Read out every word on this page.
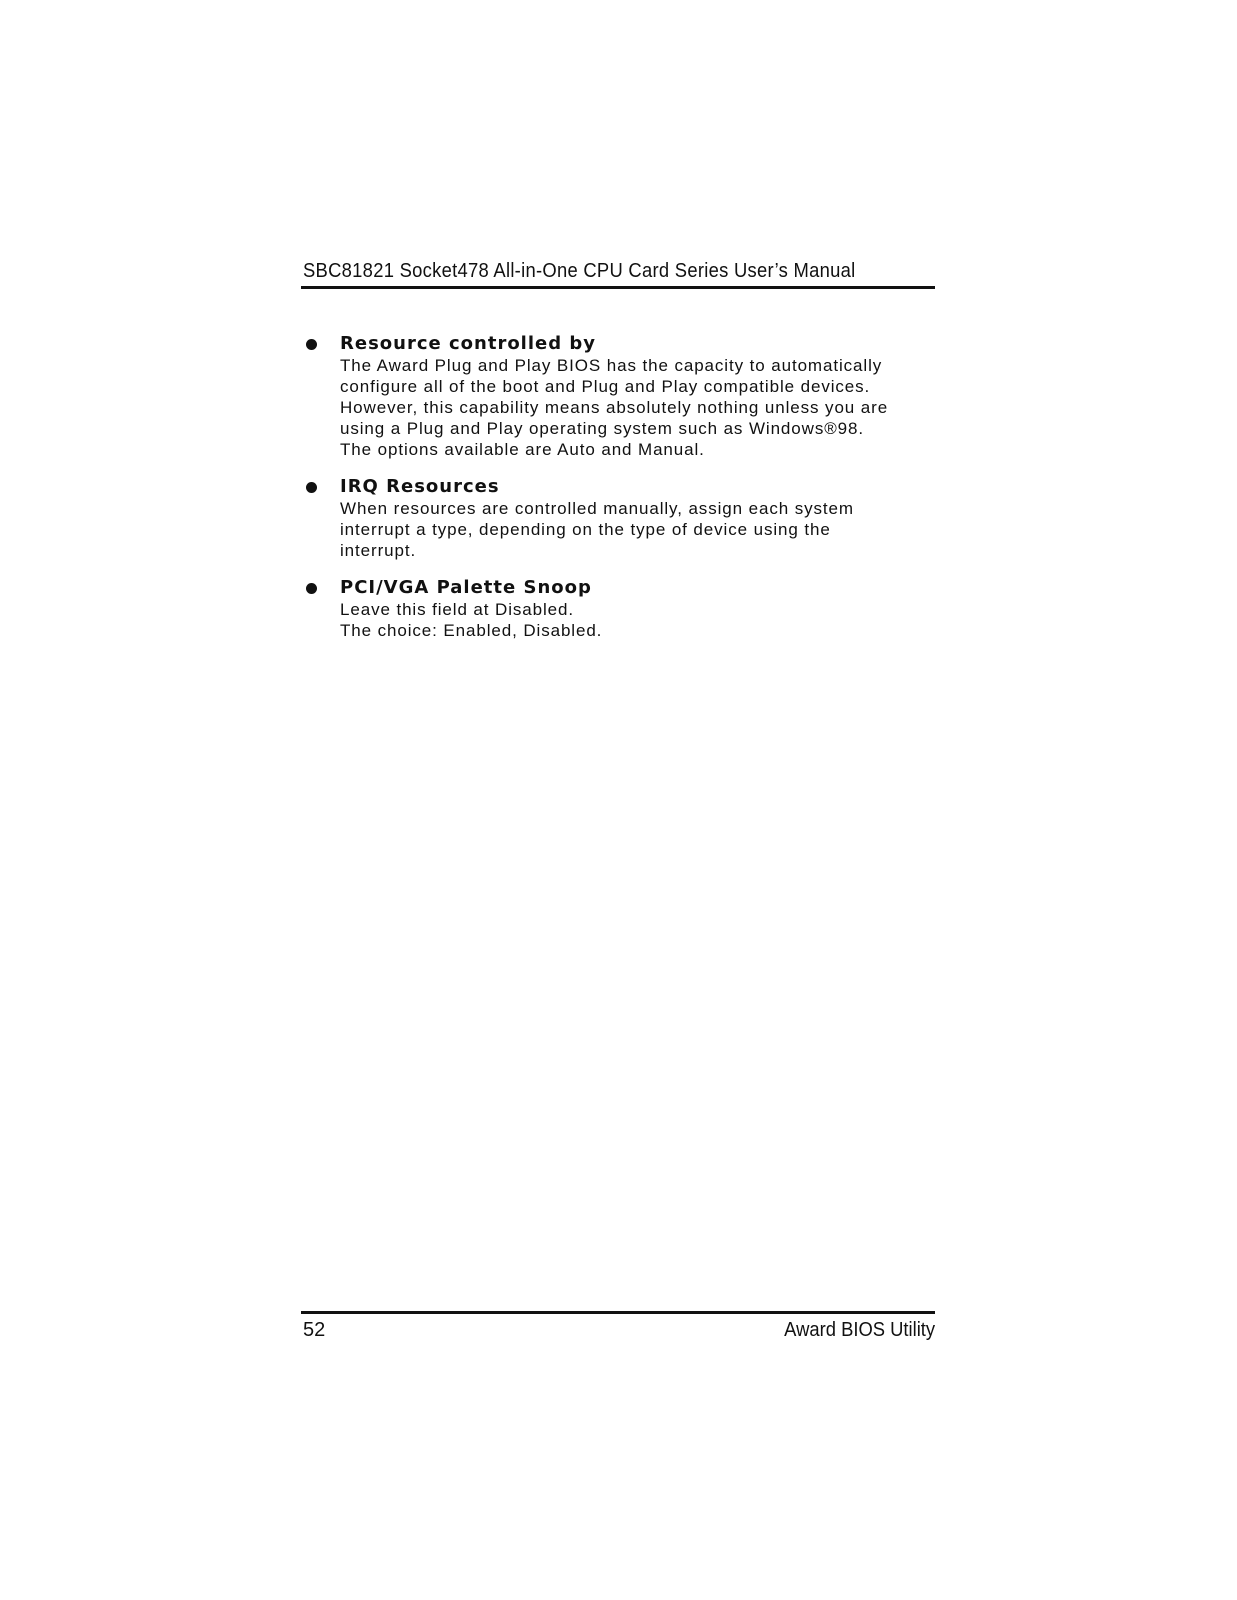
SBC81821 Socket478 All-in-One CPU Card Series User’s Manual
Resource controlled by
The Award Plug and Play BIOS has the capacity to automatically
configure all of the boot and Plug and Play compatible devices.
However, this capability means absolutely nothing unless you are
using a Plug and Play operating system such as Windows®98.
The options available are Auto and Manual.
IRQ Resources
When resources are controlled manually, assign each system
interrupt a type, depending on the type of device using the
interrupt.
PCI/VGA Palette Snoop
Leave this field at Disabled.
The choice: Enabled, Disabled.
52	Award BIOS Utility
